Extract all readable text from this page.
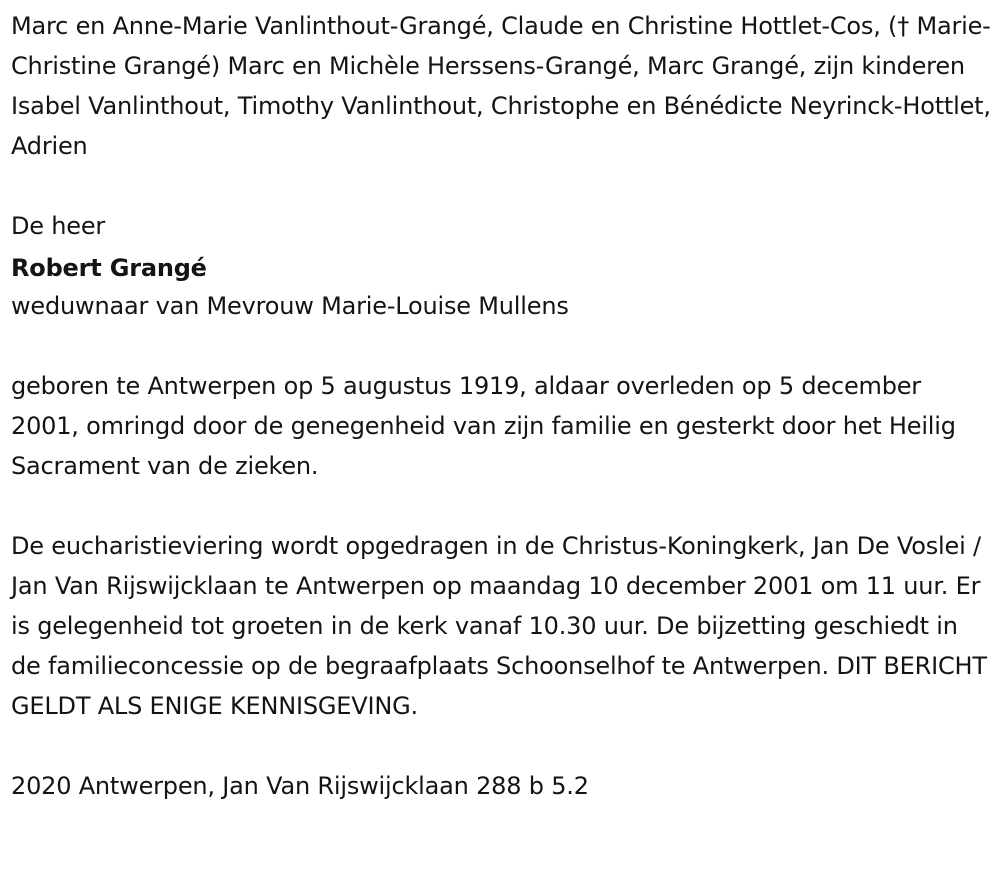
Marc en Anne-Marie Vanlinthout-Grangé, Claude en Christine Hottlet-Cos, († Marie-Christine Grangé) Marc en Michèle Herssens-Grangé, Marc Grangé, zijn kinderen Isabel Vanlinthout, Timothy Vanlinthout, Christophe en Bénédicte Neyrinck-Hottlet, Adrien

De heer

Robert Grangé

weduwnaar van Mevrouw Marie-Louise Mullens

geboren te Antwerpen op 5 augustus 1919, aldaar overleden op 5 december 2001, omringd door de genegenheid van zijn familie en gesterkt door het Heilig Sacrament van de zieken.

De eucharistieviering wordt opgedragen in de Christus-Koningkerk, Jan De Voslei / Jan Van Rijswijcklaan te Antwerpen op maandag 10 december 2001 om 11 uur. Er is gelegenheid tot groeten in de kerk vanaf 10.30 uur. De bijzetting geschiedt in de familieconcessie op de begraafplaats Schoonselhof te Antwerpen. DIT BERICHT GELDT ALS ENIGE KENNISGEVING.

2020 Antwerpen, Jan Van Rijswijcklaan 288 b 5.2
